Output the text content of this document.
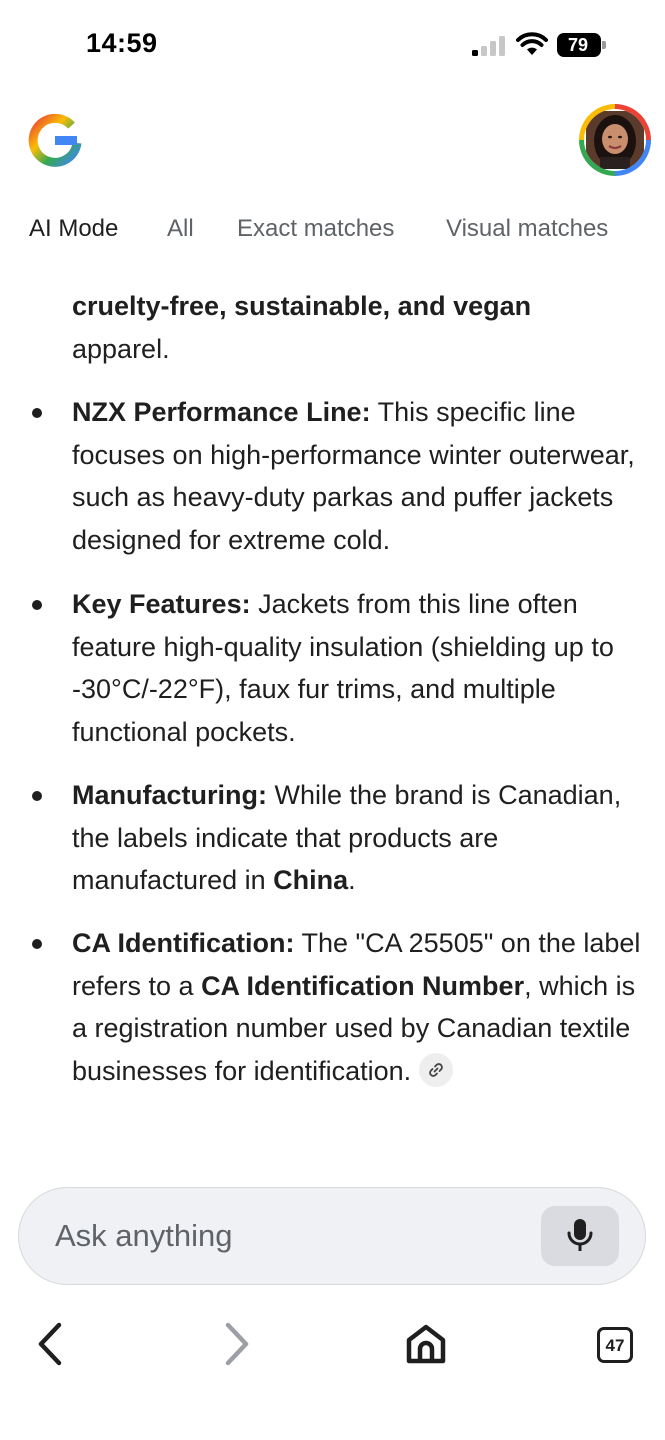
14:59	79
AI Mode All Exact matches Visual matches
cruelty-free, sustainable, and vegan
apparel.
NZX Performance Line: This specific line focuses on high-performance winter outerwear, such as heavy-duty parkas and puffer jackets designed for extreme cold.
Key Features: Jackets from this line often feature high-quality insulation (shielding up to -30°C/-22°F), faux fur trims, and multiple functional pockets.
Manufacturing: While the brand is Canadian, the labels indicate that products are manufactured in China.
CA Identification: The "CA 25505" on the label refers to a CA Identification Number, which is a registration number used by Canadian textile businesses for identification.
Ask anything
47
